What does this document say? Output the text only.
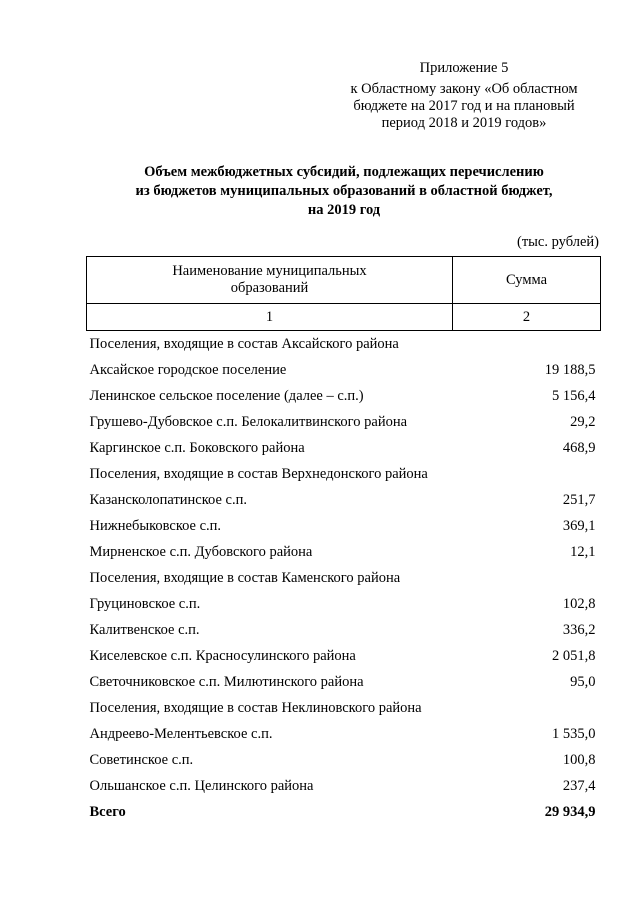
Приложение 5
к Областному закону «Об областном
бюджете на 2017 год и на плановый
период 2018 и 2019 годов»
Объем межбюджетных субсидий, подлежащих перечислению
из бюджетов муниципальных образований в областной бюджет,
на 2019 год
(тыс. рублей)
Наименование муниципальных
образований	Сумма
1	2
Поселения, входящие в состав Аксайского района	
Аксайское городское поселение	19 188,5
Ленинское сельское поселение (далее – с.п.)	5 156,4
Грушево-Дубовское с.п. Белокалитвинского района	29,2
Каргинское с.п. Боковского района	468,9
Поселения, входящие в состав Верхнедонского района	
Казансколопатинское с.п.	251,7
Нижнебыковское с.п.	369,1
Мирненское с.п. Дубовского района	12,1
Поселения, входящие в состав Каменского района	
Груциновское с.п.	102,8
Калитвенское с.п.	336,2
Киселевское с.п. Красносулинского района	2 051,8
Светочниковское с.п. Милютинского района	95,0
Поселения, входящие в состав Неклиновского района	
Андреево-Мелентьевское с.п.	1 535,0
Советинское с.п.	100,8
Ольшанское с.п. Целинского района	237,4
Всего	29 934,9
